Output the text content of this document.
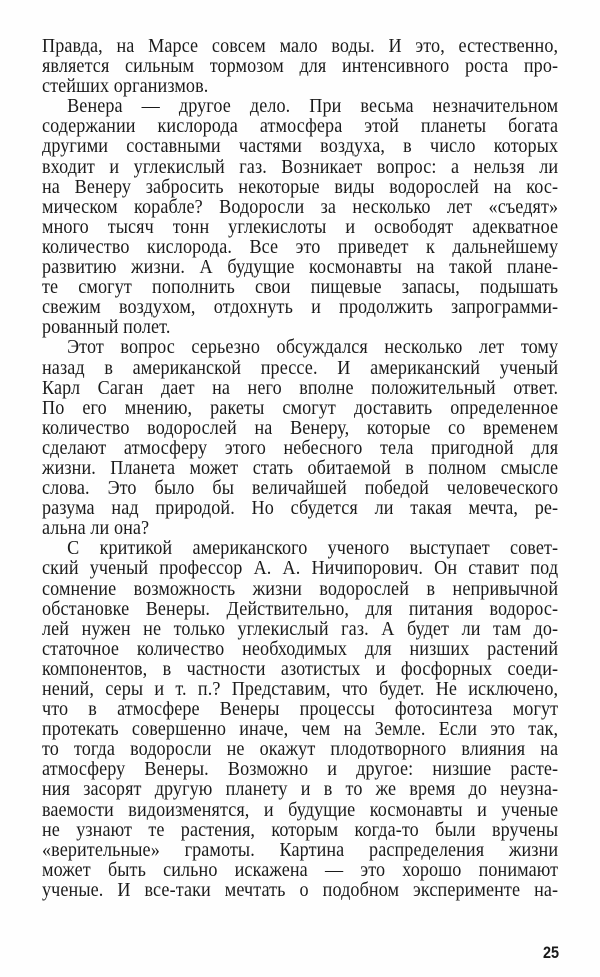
Правда, на Марсе совсем мало воды. И это, естественно,
является сильным тормозом для интенсивного роста про-
стейших организмов.
Венера — другое дело. При весьма незначительном
содержании кислорода атмосфера этой планеты богата
другими составными частями воздуха, в число которых
входит и углекислый газ. Возникает вопрос: а нельзя ли
на Венеру забросить некоторые виды водорослей на кос-
мическом корабле? Водоросли за несколько лет «съедят»
много тысяч тонн углекислоты и освободят адекватное
количество кислорода. Все это приведет к дальнейшему
развитию жизни. А будущие космонавты на такой плане-
те смогут пополнить свои пищевые запасы, подышать
свежим воздухом, отдохнуть и продолжить запрограмми-
рованный полет.
Этот вопрос серьезно обсуждался несколько лет тому
назад в американской прессе. И американский ученый
Карл Саган дает на него вполне положительный ответ.
По его мнению, ракеты смогут доставить определенное
количество водорослей на Венеру, которые со временем
сделают атмосферу этого небесного тела пригодной для
жизни. Планета может стать обитаемой в полном смысле
слова. Это было бы величайшей победой человеческого
разума над природой. Но сбудется ли такая мечта, ре-
альна ли она?
С критикой американского ученого выступает совет-
ский ученый профессор А. А. Ничипорович. Он ставит под
сомнение возможность жизни водорослей в непривычной
обстановке Венеры. Действительно, для питания водорос-
лей нужен не только углекислый газ. А будет ли там до-
статочное количество необходимых для низших растений
компонентов, в частности азотистых и фосфорных соеди-
нений, серы и т. п.? Представим, что будет. Не исключено,
что в атмосфере Венеры процессы фотосинтеза могут
протекать совершенно иначе, чем на Земле. Если это так,
то тогда водоросли не окажут плодотворного влияния на
атмосферу Венеры. Возможно и другое: низшие расте-
ния засорят другую планету и в то же время до неузна-
ваемости видоизменятся, и будущие космонавты и ученые
не узнают те растения, которым когда-то были вручены
«верительные» грамоты. Картина распределения жизни
может быть сильно искажена — это хорошо понимают
ученые. И все-таки мечтать о подобном эксперименте на-
25
